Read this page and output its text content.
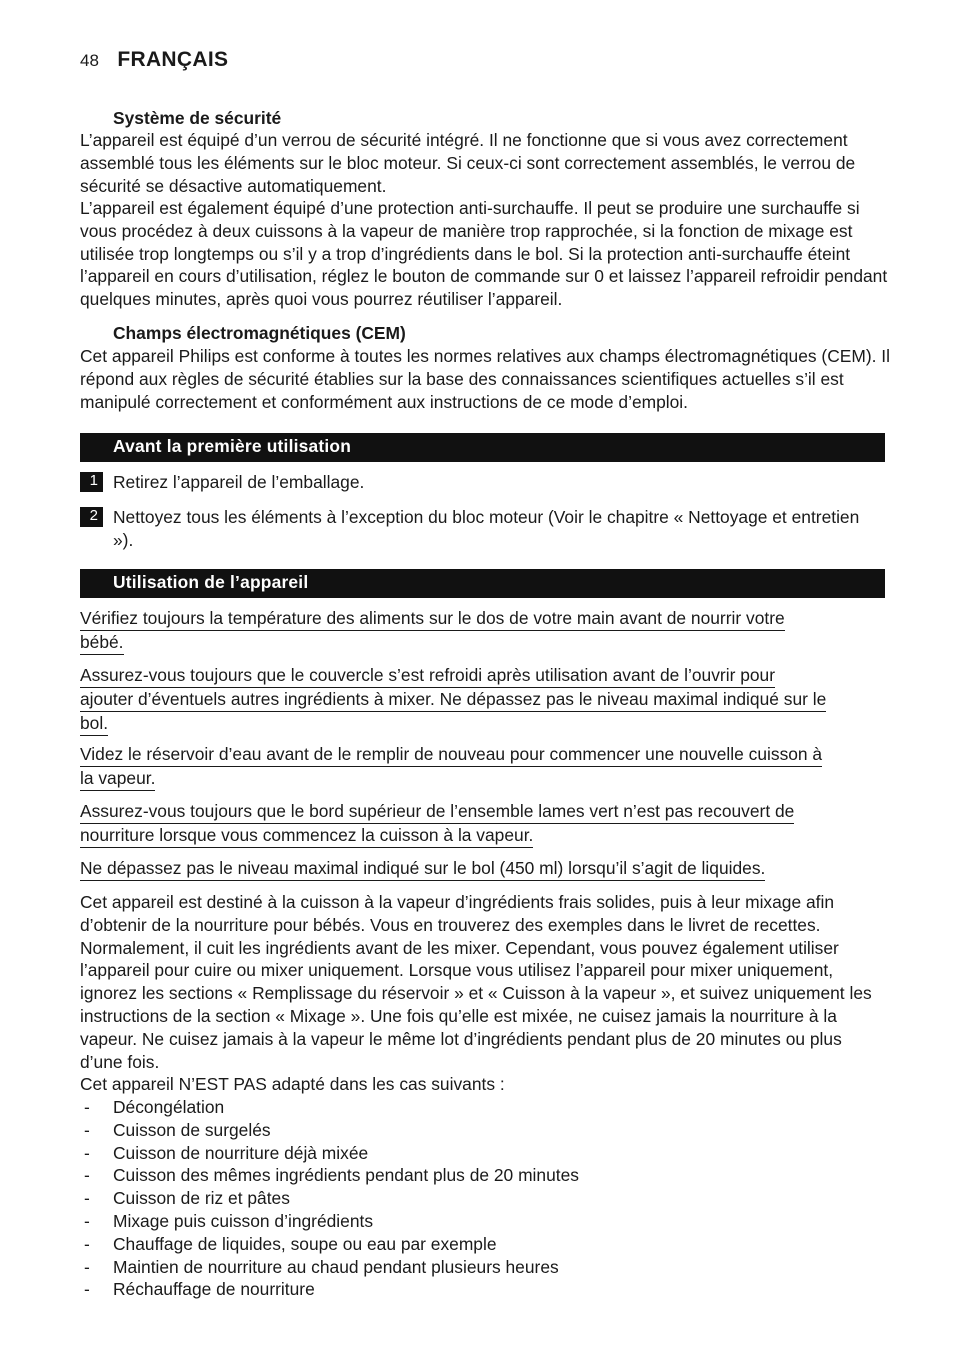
48 FRANÇAIS
Système de sécurité
L’appareil est équipé d’un verrou de sécurité intégré. Il ne fonctionne que si vous avez correctement assemblé tous les éléments sur le bloc moteur. Si ceux-ci sont correctement assemblés, le verrou de sécurité se désactive automatiquement.
L’appareil est également équipé d’une protection anti-surchauffe. Il peut se produire une surchauffe si vous procédez à deux cuissons à la vapeur de manière trop rapprochée, si la fonction de mixage est utilisée trop longtemps ou s’il y a trop d’ingrédients dans le bol. Si la protection anti-surchauffe éteint l’appareil en cours d’utilisation, réglez le bouton de commande sur 0 et laissez l’appareil refroidir pendant quelques minutes, après quoi vous pourrez réutiliser l’appareil.
Champs électromagnétiques (CEM)
Cet appareil Philips est conforme à toutes les normes relatives aux champs électromagnétiques (CEM). Il répond aux règles de sécurité établies sur la base des connaissances scientifiques actuelles s’il est manipulé correctement et conformément aux instructions de ce mode d’emploi.
Avant la première utilisation
1 Retirez l’appareil de l’emballage.
2 Nettoyez tous les éléments à l’exception du bloc moteur (Voir le chapitre « Nettoyage et entretien »).
Utilisation de l’appareil
Vérifiez toujours la température des aliments sur le dos de votre main avant de nourrir votre
bébé.
Assurez-vous toujours que le couvercle s’est refroidi après utilisation avant de l’ouvrir pour
ajouter d’éventuels autres ingrédients à mixer. Ne dépassez pas le niveau maximal indiqué sur le
bol.
Videz le réservoir d’eau avant de le remplir de nouveau pour commencer une nouvelle cuisson à
la vapeur.
Assurez-vous toujours que le bord supérieur de l’ensemble lames vert n’est pas recouvert de
nourriture lorsque vous commencez la cuisson à la vapeur.
Ne dépassez pas le niveau maximal indiqué sur le bol (450 ml) lorsqu’il s’agit de liquides.
Cet appareil est destiné à la cuisson à la vapeur d’ingrédients frais solides, puis à leur mixage afin d’obtenir de la nourriture pour bébés. Vous en trouverez des exemples dans le livret de recettes. Normalement, il cuit les ingrédients avant de les mixer. Cependant, vous pouvez également utiliser l’appareil pour cuire ou mixer uniquement. Lorsque vous utilisez l’appareil pour mixer uniquement, ignorez les sections « Remplissage du réservoir » et « Cuisson à la vapeur », et suivez uniquement les instructions de la section « Mixage ». Une fois qu’elle est mixée, ne cuisez jamais la nourriture à la vapeur. Ne cuisez jamais à la vapeur le même lot d’ingrédients pendant plus de 20 minutes ou plus d’une fois.
Cet appareil N’EST PAS adapté dans les cas suivants :
- Décongélation
- Cuisson de surgelés
- Cuisson de nourriture déjà mixée
- Cuisson des mêmes ingrédients pendant plus de 20 minutes
- Cuisson de riz et pâtes
- Mixage puis cuisson d’ingrédients
- Chauffage de liquides, soupe ou eau par exemple
- Maintien de nourriture au chaud pendant plusieurs heures
- Réchauffage de nourriture
